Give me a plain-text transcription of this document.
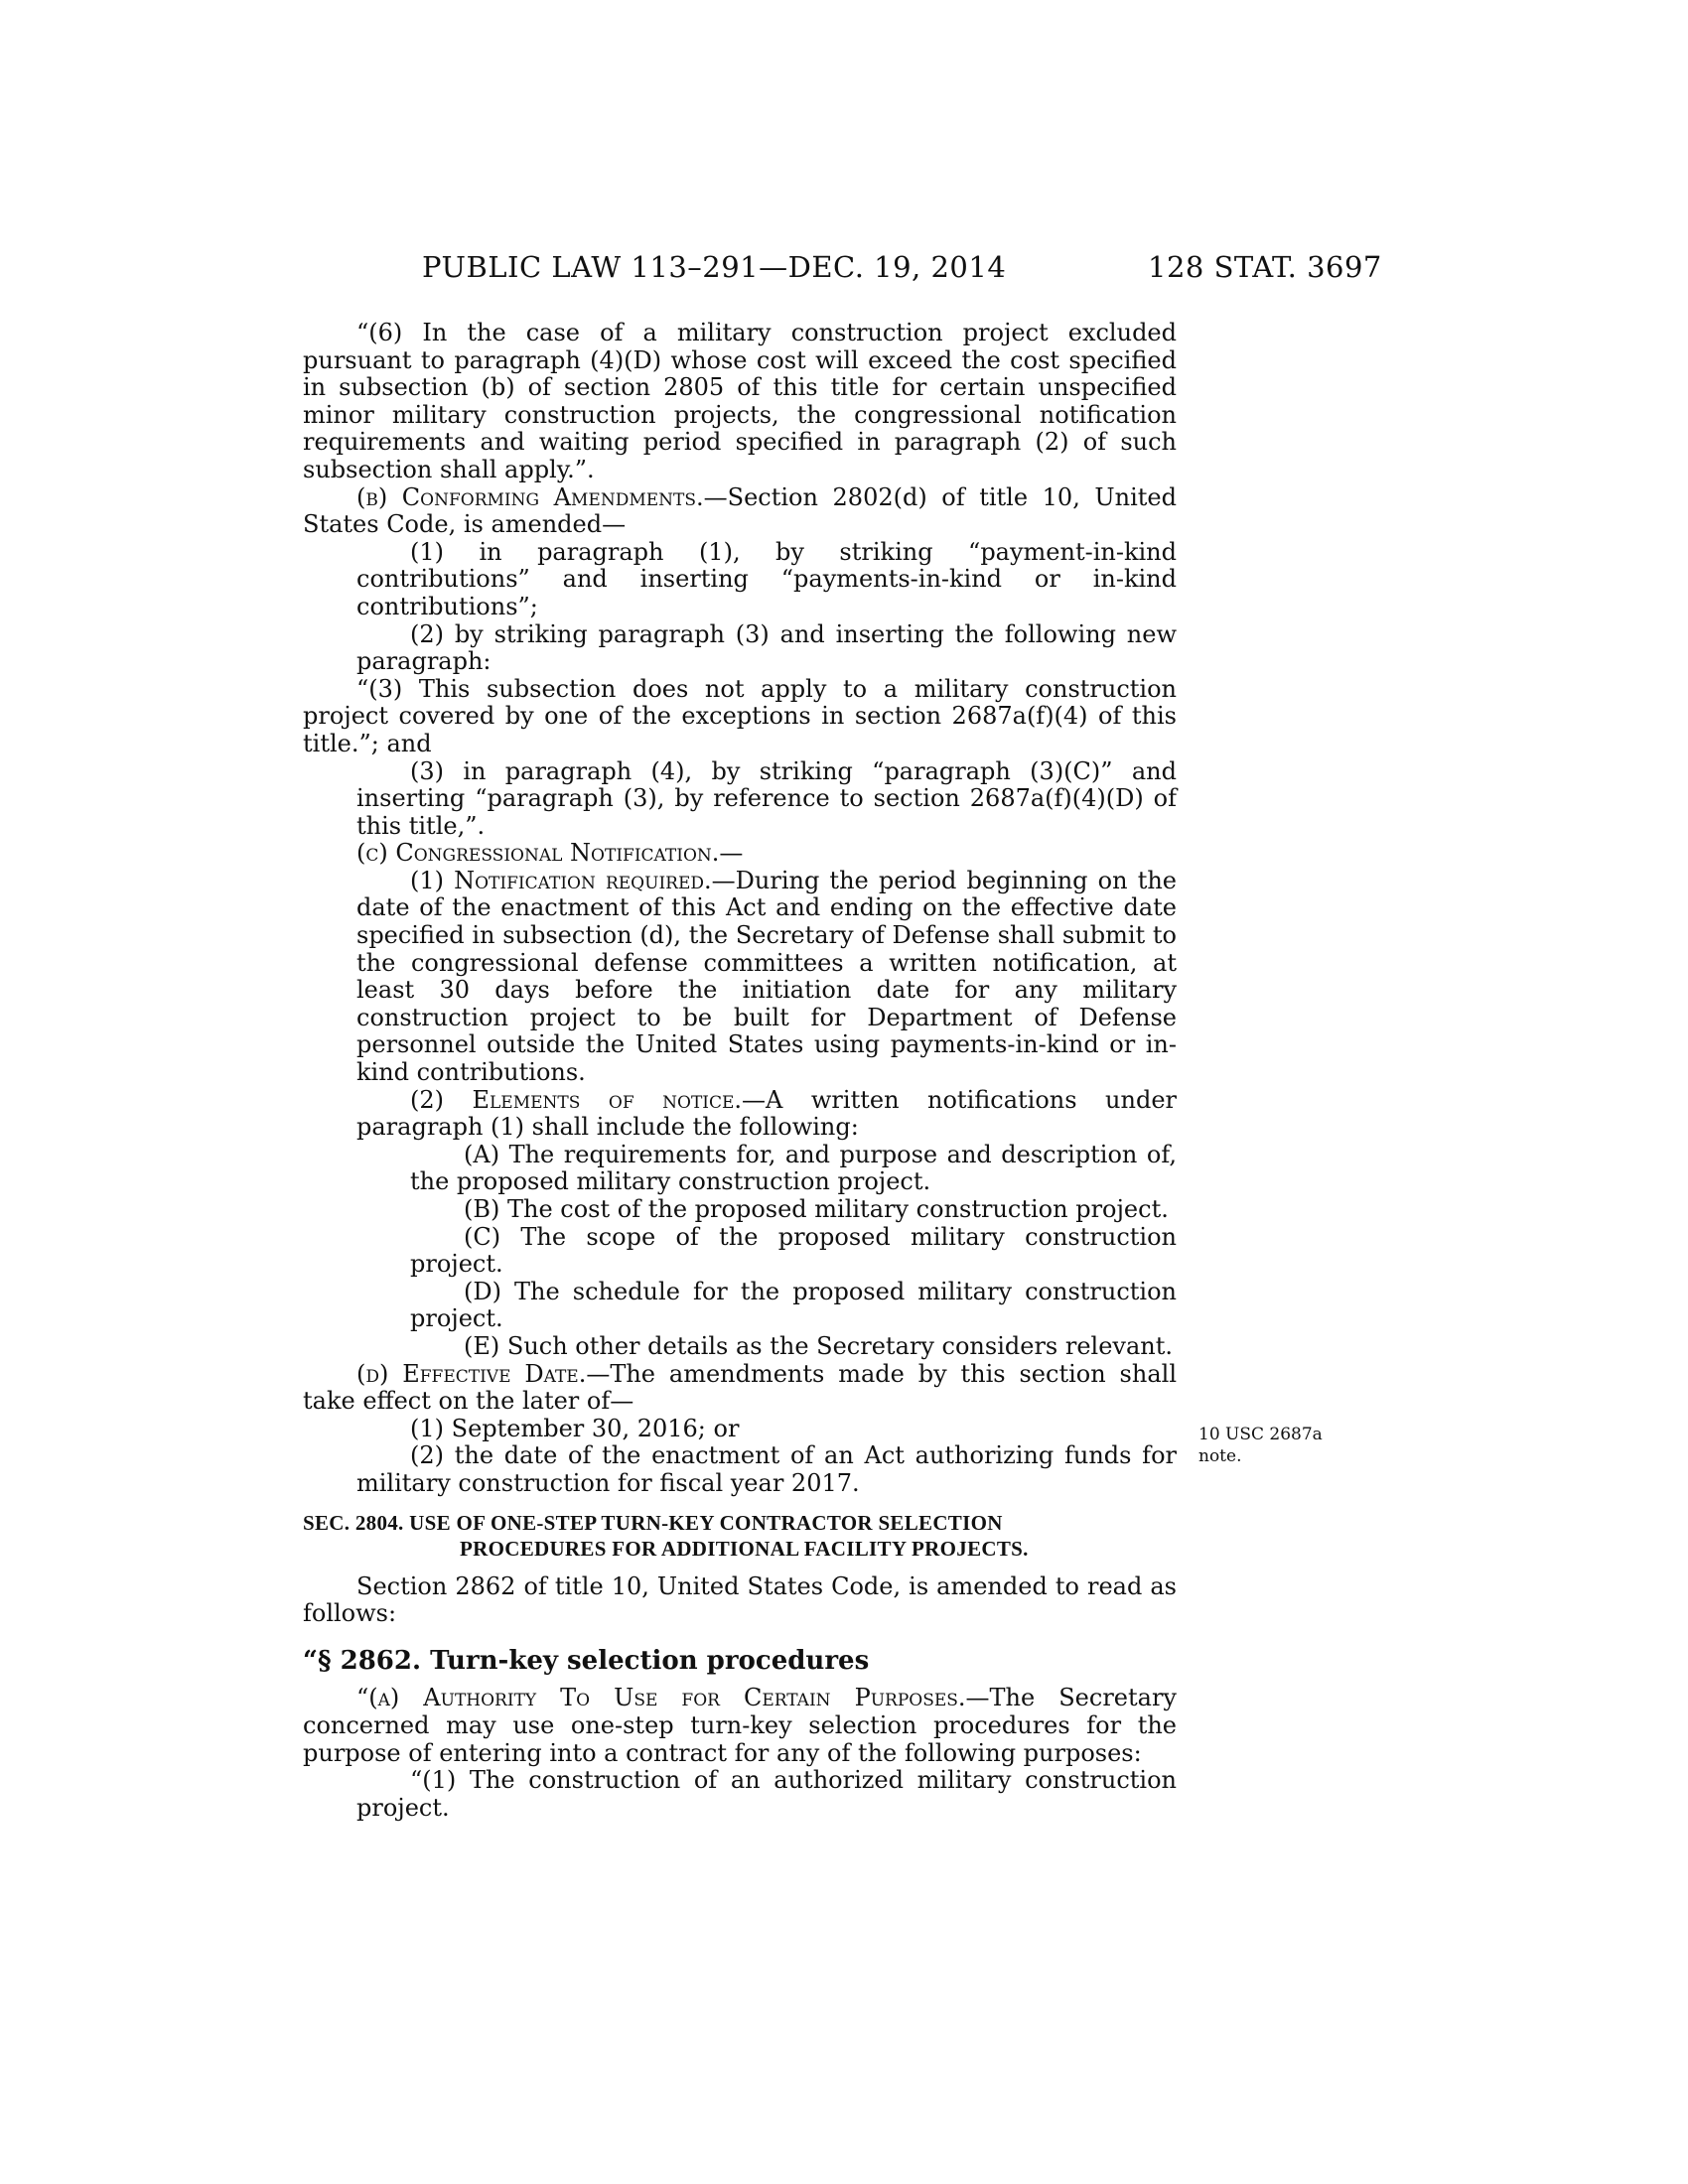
PUBLIC LAW 113–291—DEC. 19, 2014	128 STAT. 3697

“(6) In the case of a military construction project excluded pursuant to paragraph (4)(D) whose cost will exceed the cost specified in subsection (b) of section 2805 of this title for certain unspecified minor military construction projects, the congressional notification requirements and waiting period specified in paragraph (2) of such subsection shall apply.”.

(b) Conforming Amendments.—Section 2802(d) of title 10, United States Code, is amended—

(1) in paragraph (1), by striking “payment-in-kind contributions” and inserting “payments-in-kind or in-kind contributions”;

(2) by striking paragraph (3) and inserting the following new paragraph:

“(3) This subsection does not apply to a military construction project covered by one of the exceptions in section 2687a(f)(4) of this title.”; and

(3) in paragraph (4), by striking “paragraph (3)(C)” and inserting “paragraph (3), by reference to section 2687a(f)(4)(D) of this title,”.

(c) Congressional Notification.—

(1) Notification required.—During the period beginning on the date of the enactment of this Act and ending on the effective date specified in subsection (d), the Secretary of Defense shall submit to the congressional defense committees a written notification, at least 30 days before the initiation date for any military construction project to be built for Department of Defense personnel outside the United States using payments-in-kind or in-kind contributions.

(2) Elements of notice.—A written notifications under paragraph (1) shall include the following:

(A) The requirements for, and purpose and description of, the proposed military construction project.

(B) The cost of the proposed military construction project.

(C) The scope of the proposed military construction project.

(D) The schedule for the proposed military construction project.

(E) Such other details as the Secretary considers relevant.

(d) Effective Date.—The amendments made by this section shall take effect on the later of—

(1) September 30, 2016; or

(2) the date of the enactment of an Act authorizing funds for military construction for fiscal year 2017.

SEC. 2804. USE OF ONE-STEP TURN-KEY CONTRACTOR SELECTION
PROCEDURES FOR ADDITIONAL FACILITY PROJECTS.

Section 2862 of title 10, United States Code, is amended to read as follows:

“§ 2862. Turn-key selection procedures

“(a) Authority To Use for Certain Purposes.—The Secretary concerned may use one-step turn-key selection procedures for the purpose of entering into a contract for any of the following purposes:

“(1) The construction of an authorized military construction project.

10 USC 2687a
note.
